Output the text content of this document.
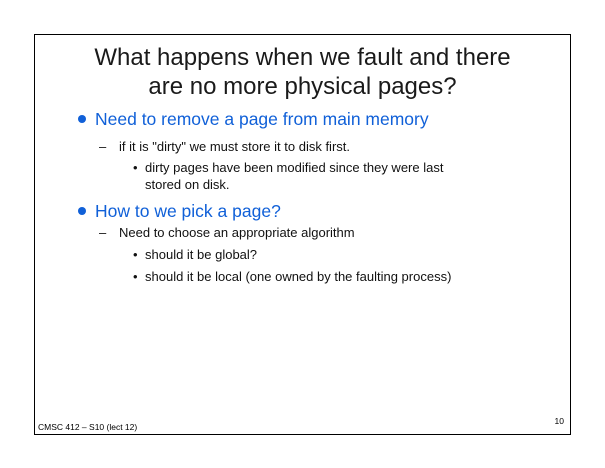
What happens when we fault and there
are no more physical pages?
Need to remove a page from main memory
– if it is "dirty" we must store it to disk first.
• dirty pages have been modified since they were last
stored on disk.
How to we pick a page?
– Need to choose an appropriate algorithm
• should it be global?
• should it be local (one owned by the faulting process)
CMSC 412 – S10 (lect 12)
10
